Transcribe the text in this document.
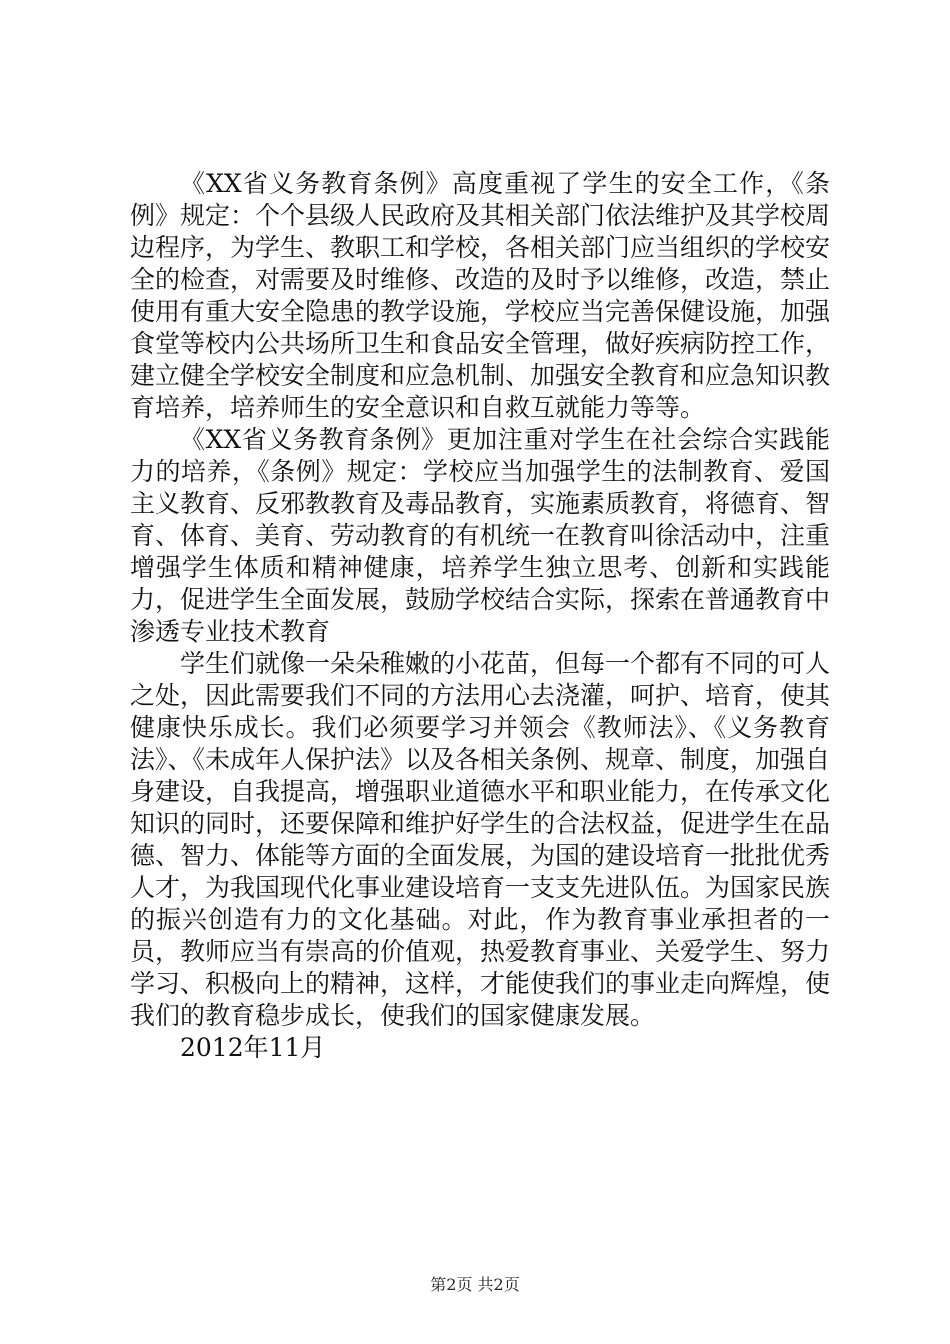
《XX省义务教育条例》高度重视了学生的安全工作，《条例》规定：个个县级人民政府及其相关部门依法维护及其学校周边程序，为学生、教职工和学校，各相关部门应当组织的学校安全的检查，对需要及时维修、改造的及时予以维修，改造，禁止使用有重大安全隐患的教学设施，学校应当完善保健设施，加强食堂等校内公共场所卫生和食品安全管理，做好疾病防控工作，建立健全学校安全制度和应急机制、加强安全教育和应急知识教育培养，培养师生的安全意识和自救互就能力等等。

《XX省义务教育条例》更加注重对学生在社会综合实践能力的培养，《条例》规定：学校应当加强学生的法制教育、爱国主义教育、反邪教教育及毒品教育，实施素质教育，将德育、智育、体育、美育、劳动教育的有机统一在教育叫徐活动中，注重增强学生体质和精神健康，培养学生独立思考、创新和实践能力，促进学生全面发展，鼓励学校结合实际，探索在普通教育中渗透专业技术教育

学生们就像一朵朵稚嫩的小花苗，但每一个都有不同的可人之处，因此需要我们不同的方法用心去浇灌，呵护、培育，使其健康快乐成长。我们必须要学习并领会《教师法》、《义务教育法》、《未成年人保护法》以及各相关条例、规章、制度，加强自身建设，自我提高，增强职业道德水平和职业能力，在传承文化知识的同时，还要保障和维护好学生的合法权益，促进学生在品德、智力、体能等方面的全面发展，为国的建设培育一批批优秀人才，为我国现代化事业建设培育一支支先进队伍。为国家民族的振兴创造有力的文化基础。对此，作为教育事业承担者的一员，教师应当有崇高的价值观，热爱教育事业、关爱学生、努力学习、积极向上的精神，这样，才能使我们的事业走向辉煌，使我们的教育稳步成长，使我们的国家健康发展。

2012年11月

第2页 共2页
